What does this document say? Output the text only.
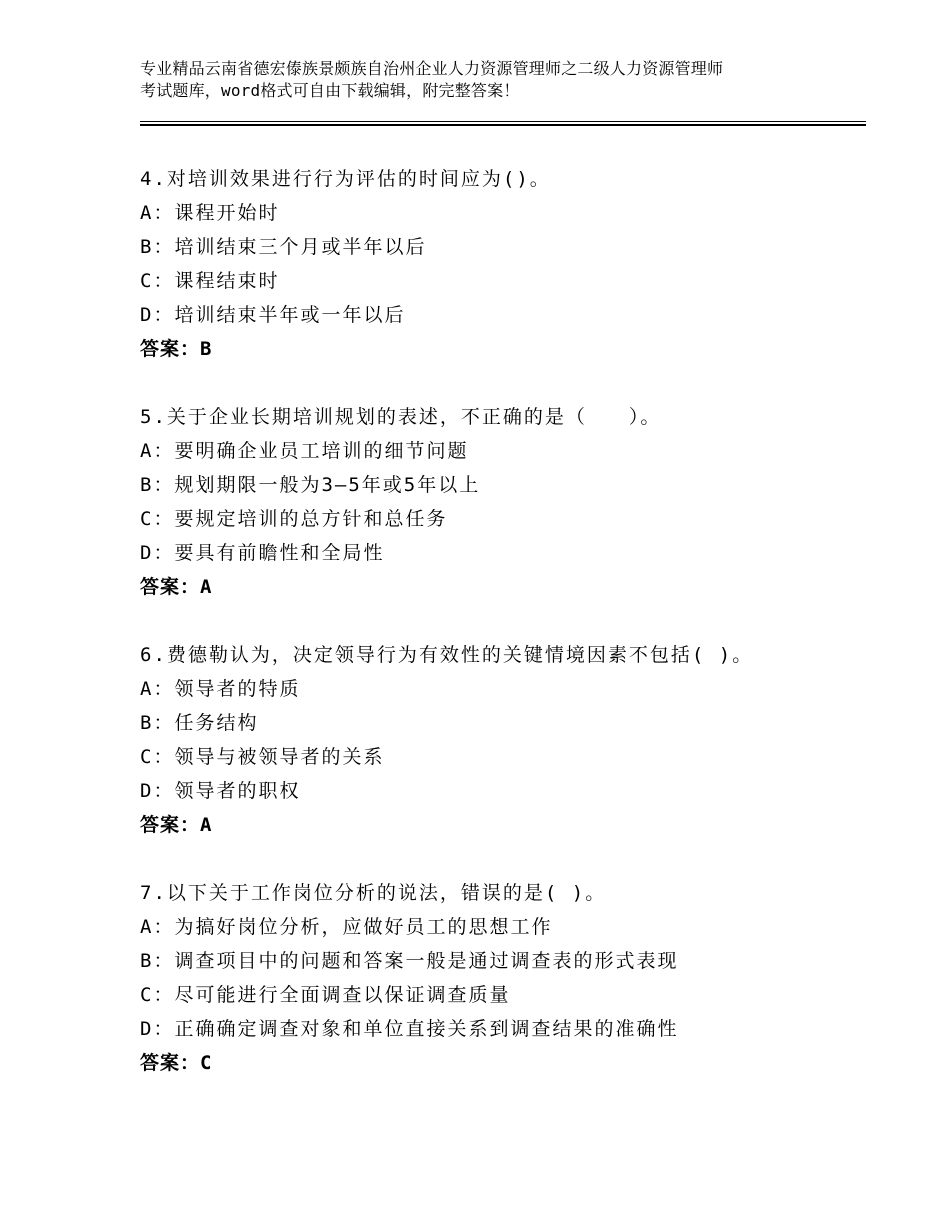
专业精品云南省德宏傣族景颇族自治州企业人力资源管理师之二级人力资源管理师
考试题库，word格式可自由下载编辑，附完整答案！
4.对培训效果进行行为评估的时间应为()。
A：课程开始时
B：培训结束三个月或半年以后
C：课程结束时
D：培训结束半年或一年以后
答案：B
5.关于企业长期培训规划的表述，不正确的是（　　）。
A：要明确企业员工培训的细节问题
B：规划期限一般为3—5年或5年以上
C：要规定培训的总方针和总任务
D：要具有前瞻性和全局性
答案：A
6.费德勒认为，决定领导行为有效性的关键情境因素不包括( )。
A：领导者的特质
B：任务结构
C：领导与被领导者的关系
D：领导者的职权
答案：A
7.以下关于工作岗位分析的说法，错误的是( )。
A：为搞好岗位分析，应做好员工的思想工作
B：调查项目中的问题和答案一般是通过调查表的形式表现
C：尽可能进行全面调查以保证调查质量
D：正确确定调查对象和单位直接关系到调查结果的准确性
答案：C
